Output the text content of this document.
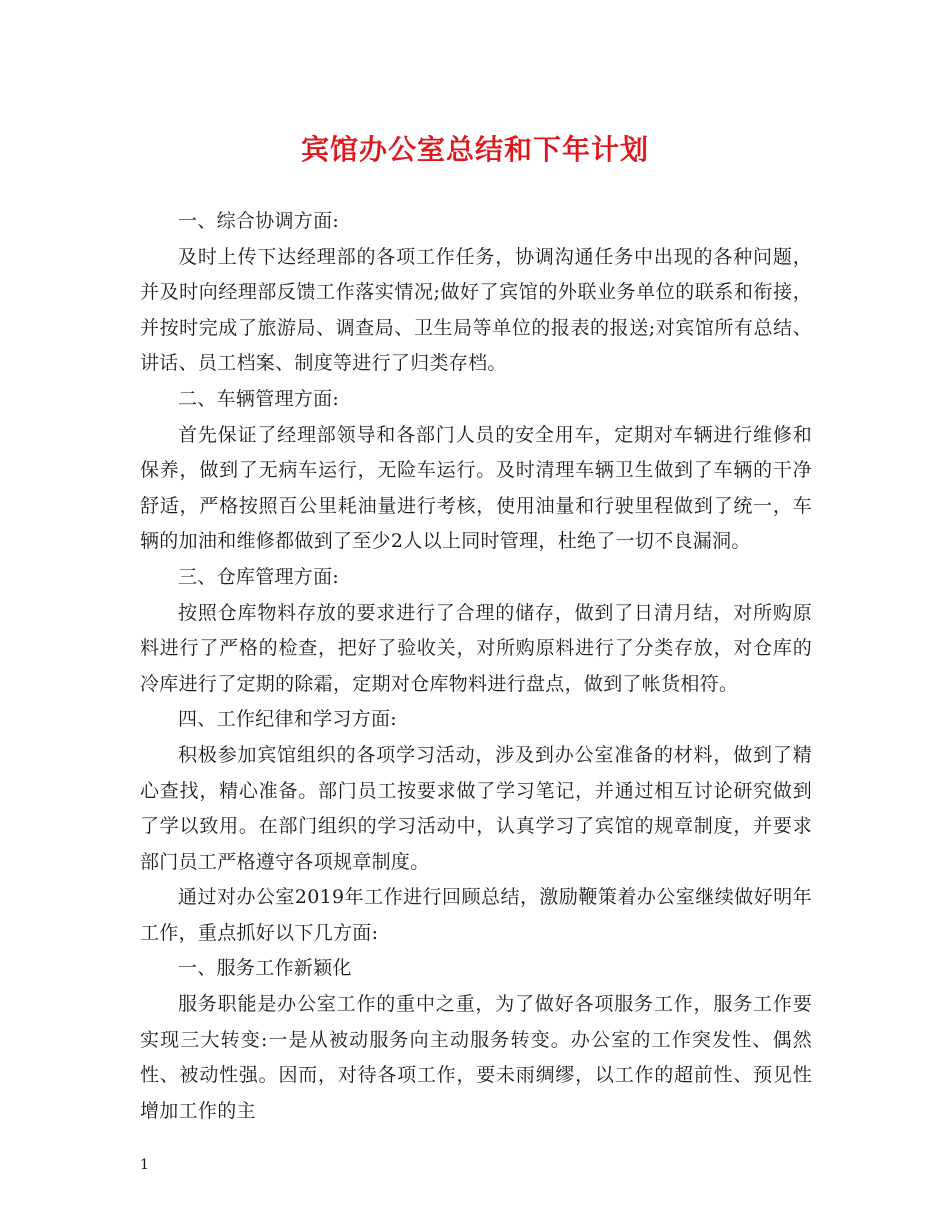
宾馆办公室总结和下年计划

一、综合协调方面:

及时上传下达经理部的各项工作任务，协调沟通任务中出现的各种问题，并及时向经理部反馈工作落实情况;做好了宾馆的外联业务单位的联系和衔接，并按时完成了旅游局、调查局、卫生局等单位的报表的报送;对宾馆所有总结、讲话、员工档案、制度等进行了归类存档。

二、车辆管理方面:

首先保证了经理部领导和各部门人员的安全用车，定期对车辆进行维修和保养，做到了无病车运行，无险车运行。及时清理车辆卫生做到了车辆的干净舒适，严格按照百公里耗油量进行考核，使用油量和行驶里程做到了统一，车辆的加油和维修都做到了至少2人以上同时管理，杜绝了一切不良漏洞。

三、仓库管理方面:

按照仓库物料存放的要求进行了合理的储存，做到了日清月结，对所购原料进行了严格的检查，把好了验收关，对所购原料进行了分类存放，对仓库的冷库进行了定期的除霜，定期对仓库物料进行盘点，做到了帐货相符。

四、工作纪律和学习方面:

积极参加宾馆组织的各项学习活动，涉及到办公室准备的材料，做到了精心查找，精心准备。部门员工按要求做了学习笔记，并通过相互讨论研究做到了学以致用。在部门组织的学习活动中，认真学习了宾馆的规章制度，并要求部门员工严格遵守各项规章制度。

通过对办公室2019年工作进行回顾总结，激励鞭策着办公室继续做好明年工作，重点抓好以下几方面:

一、服务工作新颖化

服务职能是办公室工作的重中之重，为了做好各项服务工作，服务工作要实现三大转变:一是从被动服务向主动服务转变。办公室的工作突发性、偶然性、被动性强。因而，对待各项工作，要未雨绸缪，以工作的超前性、预见性增加工作的主

1
